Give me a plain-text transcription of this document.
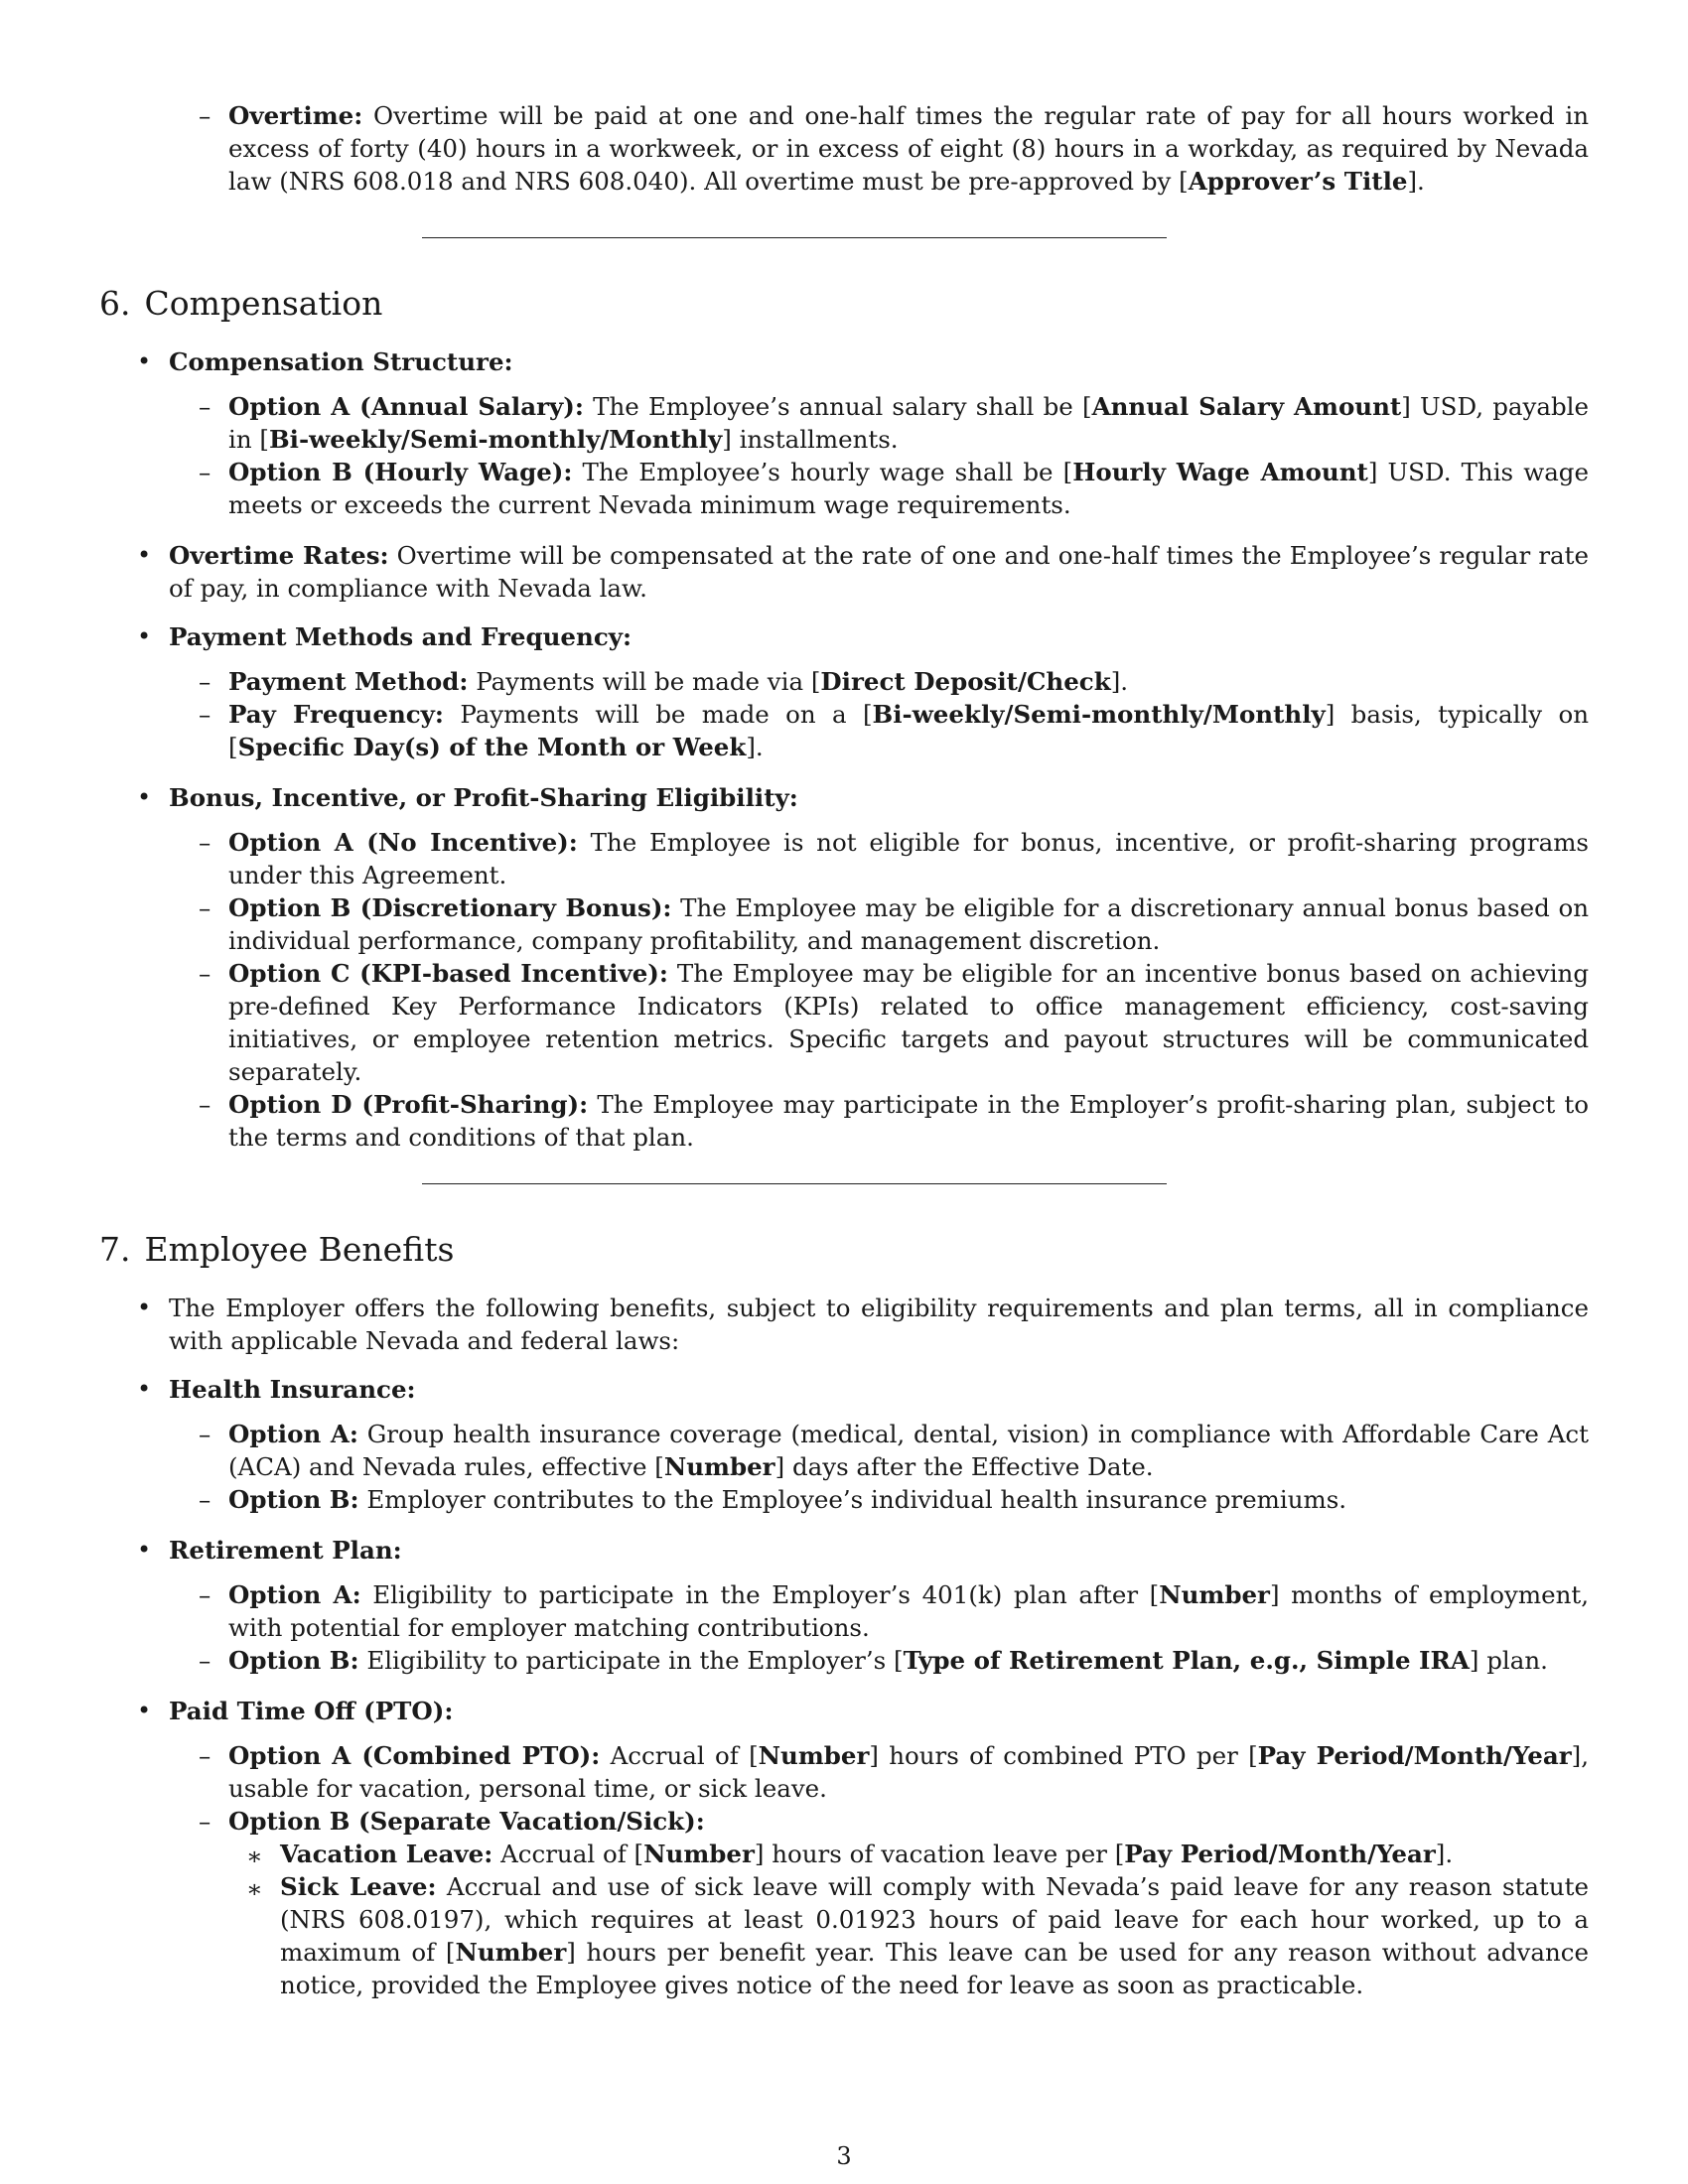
– Overtime: Overtime will be paid at one and one-half times the regular rate of pay for all hours worked in excess of forty (40) hours in a workweek, or in excess of eight (8) hours in a workday, as required by Nevada law (NRS 608.018 and NRS 608.040). All overtime must be pre-approved by [Approver’s Title].

6. Compensation
• Compensation Structure:

– Option A (Annual Salary): The Employee’s annual salary shall be [Annual Salary Amount] USD, payable in [Bi-weekly/Semi-monthly/Monthly] installments.

– Option B (Hourly Wage): The Employee’s hourly wage shall be [Hourly Wage Amount] USD. This wage meets or exceeds the current Nevada minimum wage requirements.

• Overtime Rates: Overtime will be compensated at the rate of one and one-half times the Employee’s regular rate of pay, in compliance with Nevada law.

• Payment Methods and Frequency:

– Payment Method: Payments will be made via [Direct Deposit/Check].

– Pay Frequency: Payments will be made on a [Bi-weekly/Semi-monthly/Monthly] basis, typically on [Specific Day(s) of the Month or Week].

• Bonus, Incentive, or Profit-Sharing Eligibility:

– Option A (No Incentive): The Employee is not eligible for bonus, incentive, or profit-sharing programs under this Agreement.

– Option B (Discretionary Bonus): The Employee may be eligible for a discretionary annual bonus based on individual performance, company profitability, and management discretion.

– Option C (KPI-based Incentive): The Employee may be eligible for an incentive bonus based on achieving pre-defined Key Performance Indicators (KPIs) related to office management efficiency, cost-saving initiatives, or employee retention metrics. Specific targets and payout structures will be communicated separately.

– Option D (Profit-Sharing): The Employee may participate in the Employer’s profit-sharing plan, subject to the terms and conditions of that plan.

7. Employee Benefits
• The Employer offers the following benefits, subject to eligibility requirements and plan terms, all in compliance with applicable Nevada and federal laws:

• Health Insurance:

– Option A: Group health insurance coverage (medical, dental, vision) in compliance with Affordable Care Act (ACA) and Nevada rules, effective [Number] days after the Effective Date.

– Option B: Employer contributes to the Employee’s individual health insurance premiums.

• Retirement Plan:

– Option A: Eligibility to participate in the Employer’s 401(k) plan after [Number] months of employment, with potential for employer matching contributions.

– Option B: Eligibility to participate in the Employer’s [Type of Retirement Plan, e.g., Simple IRA] plan.

• Paid Time Off (PTO):

– Option A (Combined PTO): Accrual of [Number] hours of combined PTO per [Pay Period/Month/Year], usable for vacation, personal time, or sick leave.

– Option B (Separate Vacation/Sick):

∗ Vacation Leave: Accrual of [Number] hours of vacation leave per [Pay Period/Month/Year].

∗ Sick Leave: Accrual and use of sick leave will comply with Nevada’s paid leave for any reason statute (NRS 608.0197), which requires at least 0.01923 hours of paid leave for each hour worked, up to a maximum of [Number] hours per benefit year. This leave can be used for any reason without advance notice, provided the Employee gives notice of the need for leave as soon as practicable.

3
